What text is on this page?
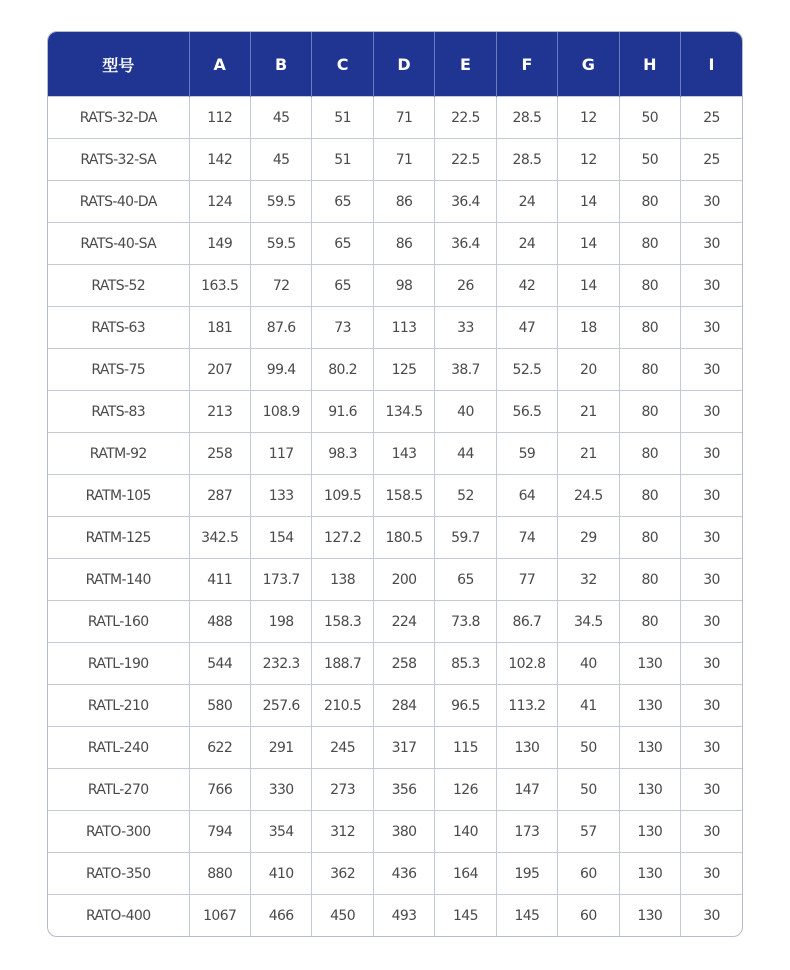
型号	A	B	C	D	E	F	G	H	I
RATS-32-DA	112	45	51	71	22.5	28.5	12	50	25
RATS-32-SA	142	45	51	71	22.5	28.5	12	50	25
RATS-40-DA	124	59.5	65	86	36.4	24	14	80	30
RATS-40-SA	149	59.5	65	86	36.4	24	14	80	30
RATS-52	163.5	72	65	98	26	42	14	80	30
RATS-63	181	87.6	73	113	33	47	18	80	30
RATS-75	207	99.4	80.2	125	38.7	52.5	20	80	30
RATS-83	213	108.9	91.6	134.5	40	56.5	21	80	30
RATM-92	258	117	98.3	143	44	59	21	80	30
RATM-105	287	133	109.5	158.5	52	64	24.5	80	30
RATM-125	342.5	154	127.2	180.5	59.7	74	29	80	30
RATM-140	411	173.7	138	200	65	77	32	80	30
RATL-160	488	198	158.3	224	73.8	86.7	34.5	80	30
RATL-190	544	232.3	188.7	258	85.3	102.8	40	130	30
RATL-210	580	257.6	210.5	284	96.5	113.2	41	130	30
RATL-240	622	291	245	317	115	130	50	130	30
RATL-270	766	330	273	356	126	147	50	130	30
RATO-300	794	354	312	380	140	173	57	130	30
RATO-350	880	410	362	436	164	195	60	130	30
RATO-400	1067	466	450	493	145	145	60	130	30
